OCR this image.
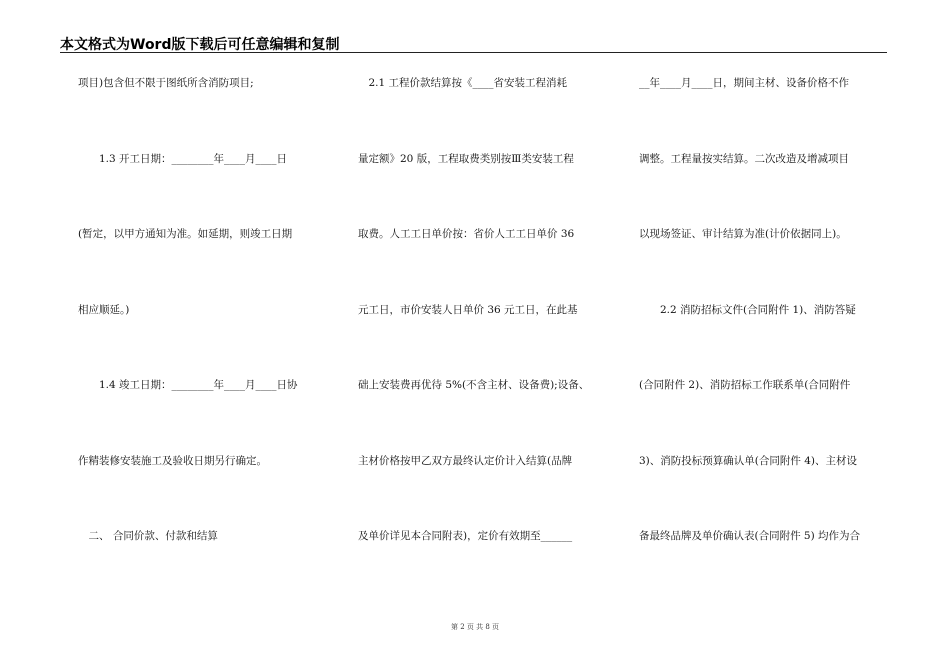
本文格式为Word版下载后可任意编辑和复制
项目)包含但不限于图纸所含消防项目;
　　1.3 开工日期：________年____月____日
(暂定，以甲方通知为准。如延期，则竣工日期
相应顺延。)
　　1.4 竣工日期：________年____月____日协
作精装修安装施工及验收日期另行确定。
　二、 合同价款、付款和结算
　2.1 工程价款结算按《____省安装工程消耗
量定额》20 版，工程取费类别按Ⅲ类安装工程
取费。人工工日单价按：省价人工工日单价 36
元工日，市价安装人日单价 36 元工日，在此基
础上安装费再优待 5%(不含主材、设备费);设备、
主材价格按甲乙双方最终认定价计入结算(品牌
及单价详见本合同附表)，定价有效期至______
__年____月____日，期间主材、设备价格不作
调整。工程量按实结算。二次改造及增减项目
以现场签证、审计结算为准(计价依据同上)。
　　2.2 消防招标文件(合同附件 1)、消防答疑
(合同附件 2)、消防招标工作联系单(合同附件
3)、消防投标预算确认单(合同附件 4)、主材设
备最终品牌及单价确认表(合同附件 5) 均作为合
第 2 页 共 8 页
